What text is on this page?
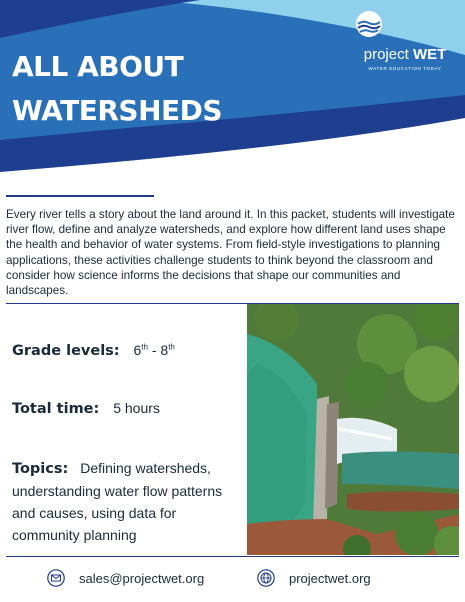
ALL ABOUT
WATERSHEDS
project WET
WATER EDUCATION TODAY
Every river tells a story about the land around it. In this packet, students will investigate river flow, define and analyze watersheds, and explore how different land uses shape the health and behavior of water systems. From field-style investigations to planning applications, these activities challenge students to think beyond the classroom and consider how science informs the decisions that shape our communities and landscapes.
Grade levels: 6th - 8th
Total time: 5 hours
Topics: Defining watersheds, understanding water flow patterns and causes, using data for community planning
sales@projectwet.org	projectwet.org
